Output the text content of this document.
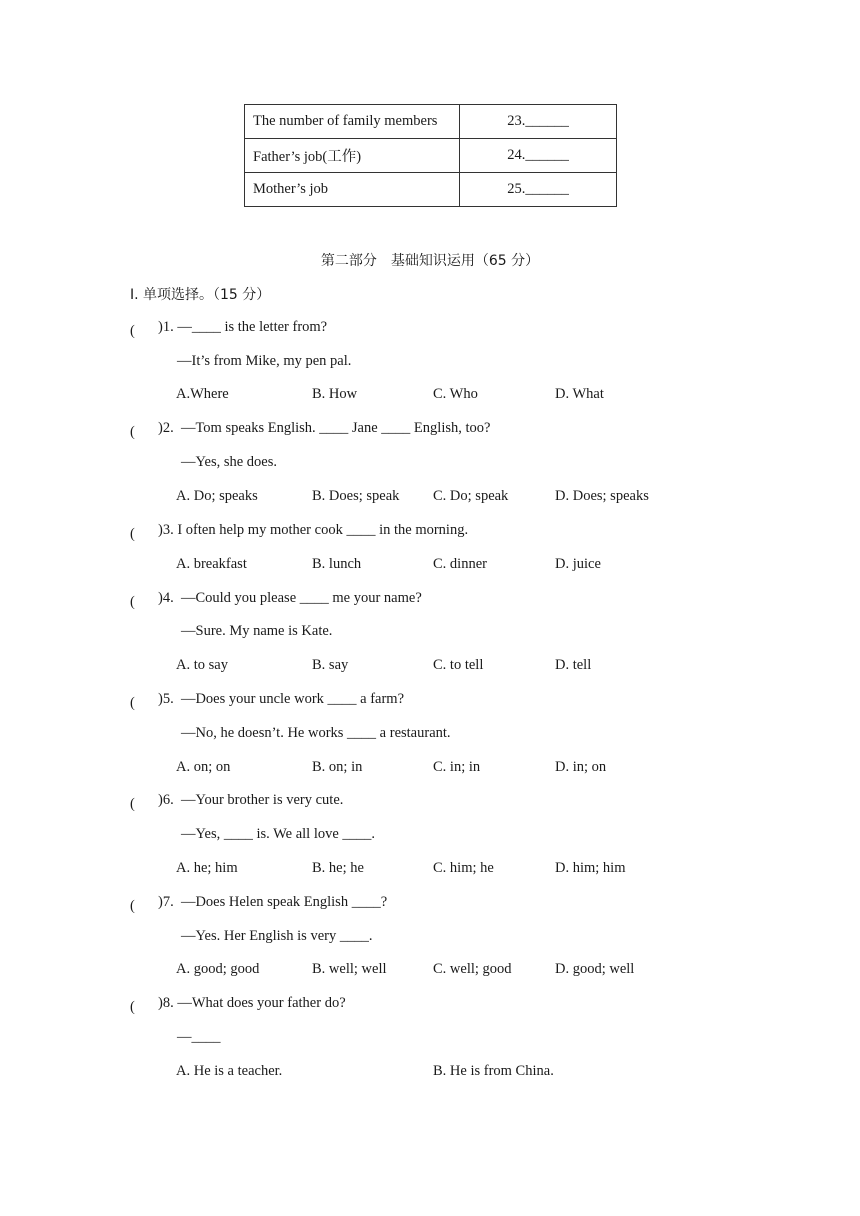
The number of family members	23.______
Father’s job(工作)	24.______
Mother’s job	25.______
第二部分　基础知识运用（65 分）
Ⅰ. 单项选择。（15 分）
(　　
)1. —____ is the letter from?
—It’s from Mike, my pen pal.
A.Where	B. How	C. Who	D. What
(　　
)2.  —Tom speaks English. ____ Jane ____ English, too?
—Yes, she does.
A. Do; speaks	B. Does; speak C. Do; speak	D. Does; speaks
(　　
)3. I often help my mother cook ____ in the morning.
A. breakfast	B. lunch	C. dinner	D. juice
(　　
)4.  —Could you please ____ me your name?
—Sure. My name is Kate.
A. to say	B. say	C. to tell	D. tell
(　　
)5.  —Does your uncle work ____ a farm?
—No, he doesn’t. He works ____ a restaurant.
A. on; on	B. on; in	C. in; in	D. in; on
(　　
)6.  —Your brother is very cute.
—Yes, ____ is. We all love ____.
A. he; him	B. he; he	C. him; he	D. him; him
(　　
)7.  —Does Helen speak English ____?
—Yes. Her English is very ____.
A. good; good	B. well; well	C. well; good	D. good; well
(　　
)8. —What does your father do?
—____
A. He is a teacher.	B. He is from China.
